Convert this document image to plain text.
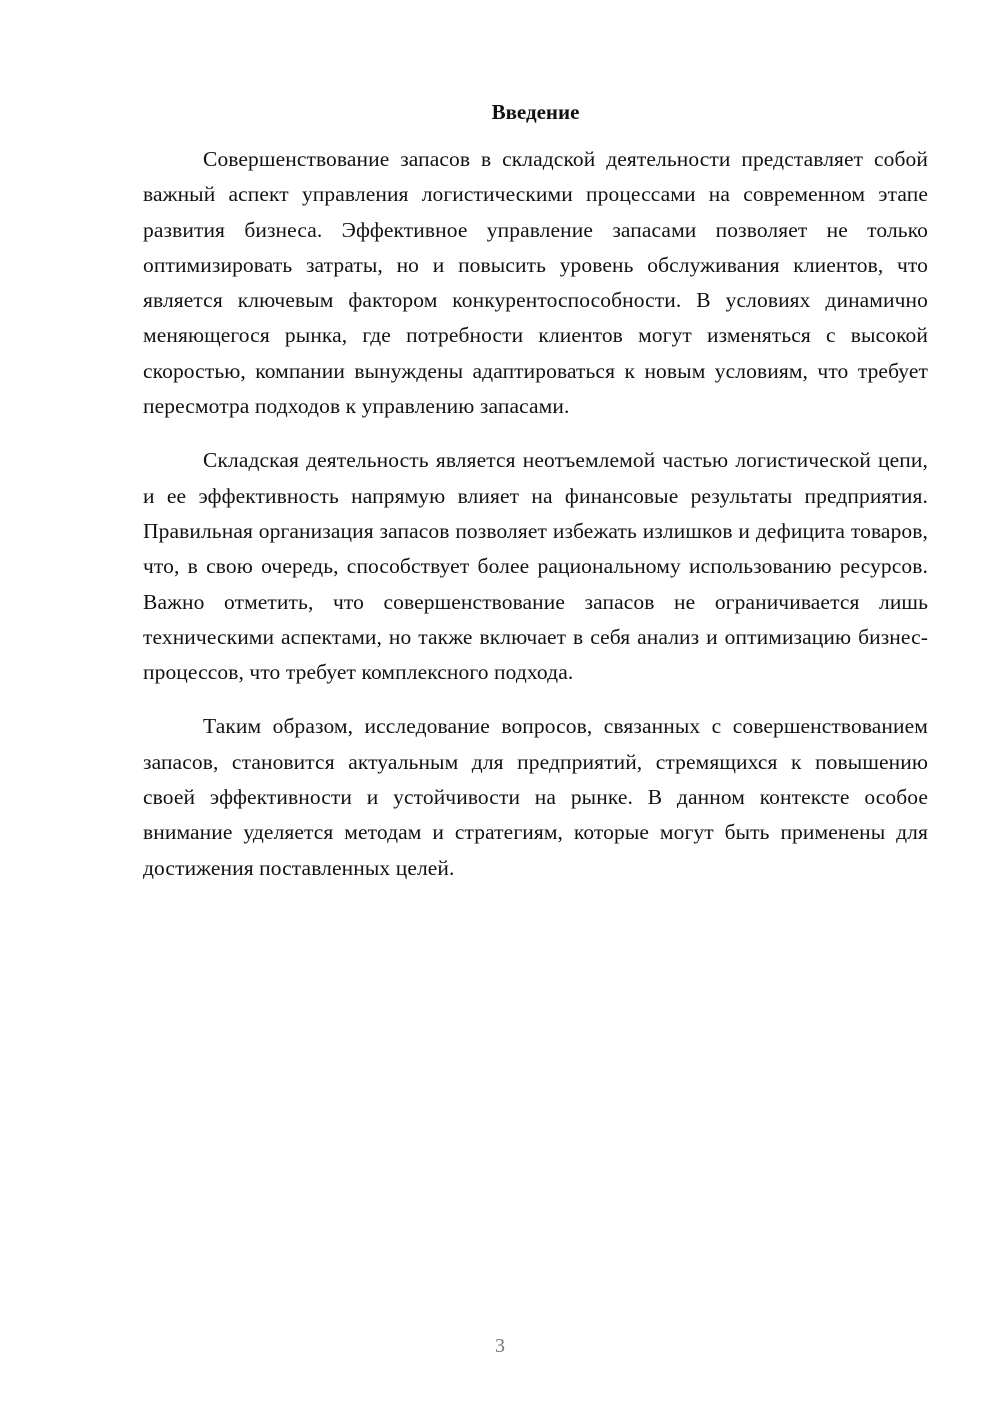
Введение

Совершенствование запасов в складской деятельности представляет собой важный аспект управления логистическими процессами на современном этапе развития бизнеса. Эффективное управление запасами позволяет не только оптимизировать затраты, но и повысить уровень обслуживания клиентов, что является ключевым фактором конкурентоспособности. В условиях динамично меняющегося рынка, где потребности клиентов могут изменяться с высокой скоростью, компании вынуждены адаптироваться к новым условиям, что требует пересмотра подходов к управлению запасами.

Складская деятельность является неотъемлемой частью логистической цепи, и ее эффективность напрямую влияет на финансовые результаты предприятия. Правильная организация запасов позволяет избежать излишков и дефицита товаров, что, в свою очередь, способствует более рациональному использованию ресурсов. Важно отметить, что совершенствование запасов не ограничивается лишь техническими аспектами, но также включает в себя анализ и оптимизацию бизнес-процессов, что требует комплексного подхода.

Таким образом, исследование вопросов, связанных с совершенствованием запасов, становится актуальным для предприятий, стремящихся к повышению своей эффективности и устойчивости на рынке. В данном контексте особое внимание уделяется методам и стратегиям, которые могут быть применены для достижения поставленных целей.

3
